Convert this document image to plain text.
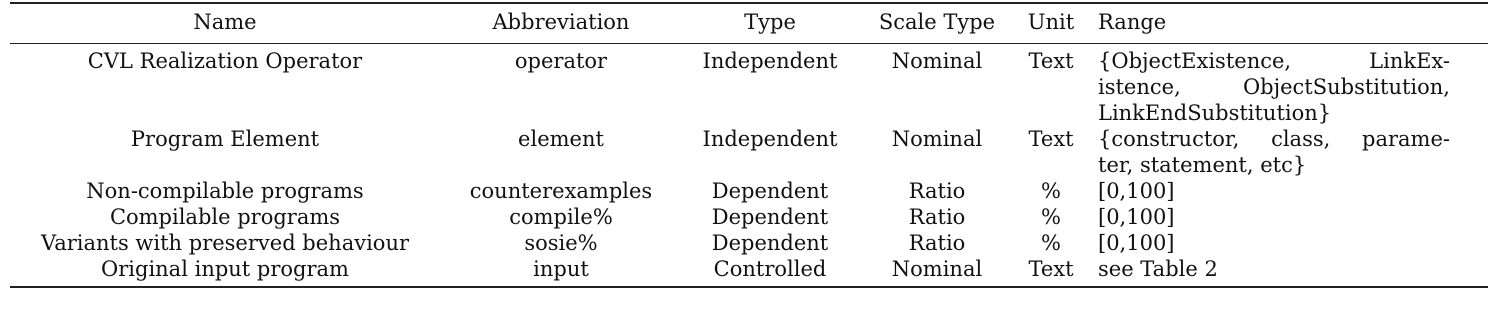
Name	Abbreviation	Type	Scale Type	Unit	Range
CVL Realization Operator	operator	Independent	Nominal	Text	{ObjectExistence, LinkEx-
istence, ObjectSubstitution,
LinkEndSubstitution}

Program Element	element	Independent	Nominal	Text	{constructor, class, parame-
ter, statement, etc}

Non-compilable programs	counterexamples	Dependent	Ratio	%	[0,100]

Compilable programs	compile%	Dependent	Ratio	%	[0,100]

Variants with preserved behaviour	sosie%	Dependent	Ratio	%	[0,100]

Original input program	input	Controlled	Nominal	Text	see Table 2
